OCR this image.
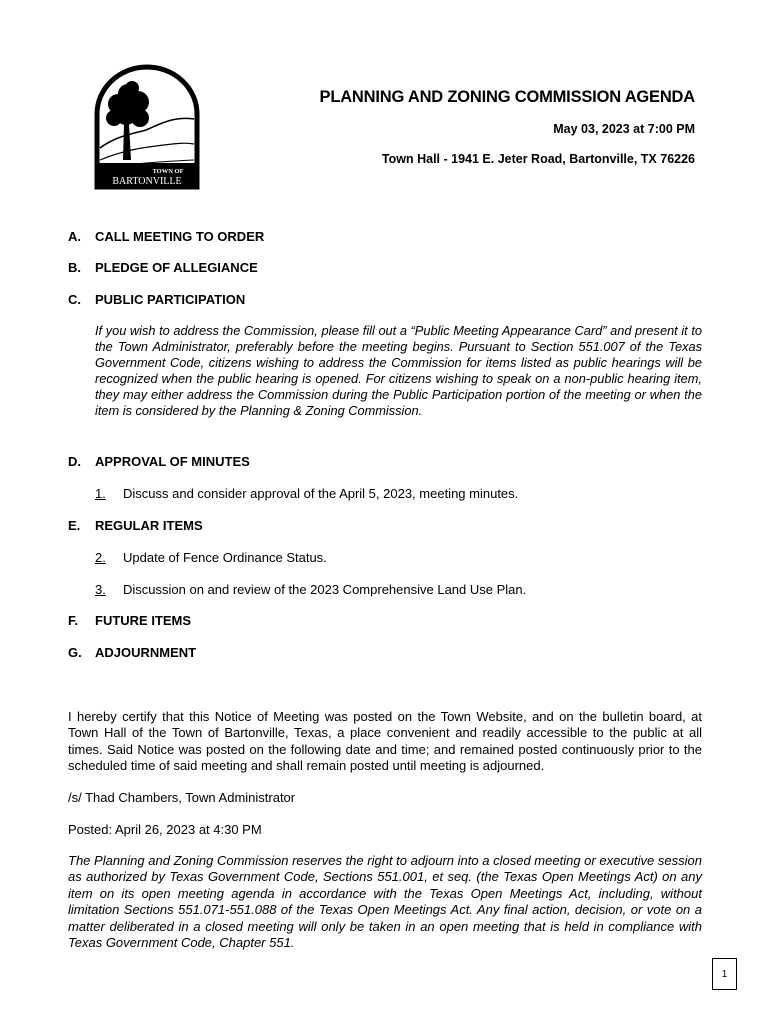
TOWN OF
BARTONVILLE
PLANNING AND ZONING COMMISSION AGENDA
May 03, 2023 at 7:00 PM
Town Hall - 1941 E. Jeter Road, Bartonville, TX 76226
A. CALL MEETING TO ORDER
B. PLEDGE OF ALLEGIANCE
C. PUBLIC PARTICIPATION
If you wish to address the Commission, please fill out a “Public Meeting Appearance Card” and present it to the Town Administrator, preferably before the meeting begins. Pursuant to Section 551.007 of the Texas Government Code, citizens wishing to address the Commission for items listed as public hearings will be recognized when the public hearing is opened. For citizens wishing to speak on a non-public hearing item, they may either address the Commission during the Public Participation portion of the meeting or when the item is considered by the Planning & Zoning Commission.
D. APPROVAL OF MINUTES
1. Discuss and consider approval of the April 5, 2023, meeting minutes.
E. REGULAR ITEMS
2. Update of Fence Ordinance Status.
3. Discussion on and review of the 2023 Comprehensive Land Use Plan.
F. FUTURE ITEMS
G. ADJOURNMENT
I hereby certify that this Notice of Meeting was posted on the Town Website, and on the bulletin board, at Town Hall of the Town of Bartonville, Texas, a place convenient and readily accessible to the public at all times. Said Notice was posted on the following date and time; and remained posted continuously prior to the scheduled time of said meeting and shall remain posted until meeting is adjourned.
/s/ Thad Chambers, Town Administrator
Posted: April 26, 2023 at 4:30 PM
The Planning and Zoning Commission reserves the right to adjourn into a closed meeting or executive session as authorized by Texas Government Code, Sections 551.001, et seq. (the Texas Open Meetings Act) on any item on its open meeting agenda in accordance with the Texas Open Meetings Act, including, without limitation Sections 551.071-551.088 of the Texas Open Meetings Act. Any final action, decision, or vote on a matter deliberated in a closed meeting will only be taken in an open meeting that is held in compliance with Texas Government Code, Chapter 551.
1
